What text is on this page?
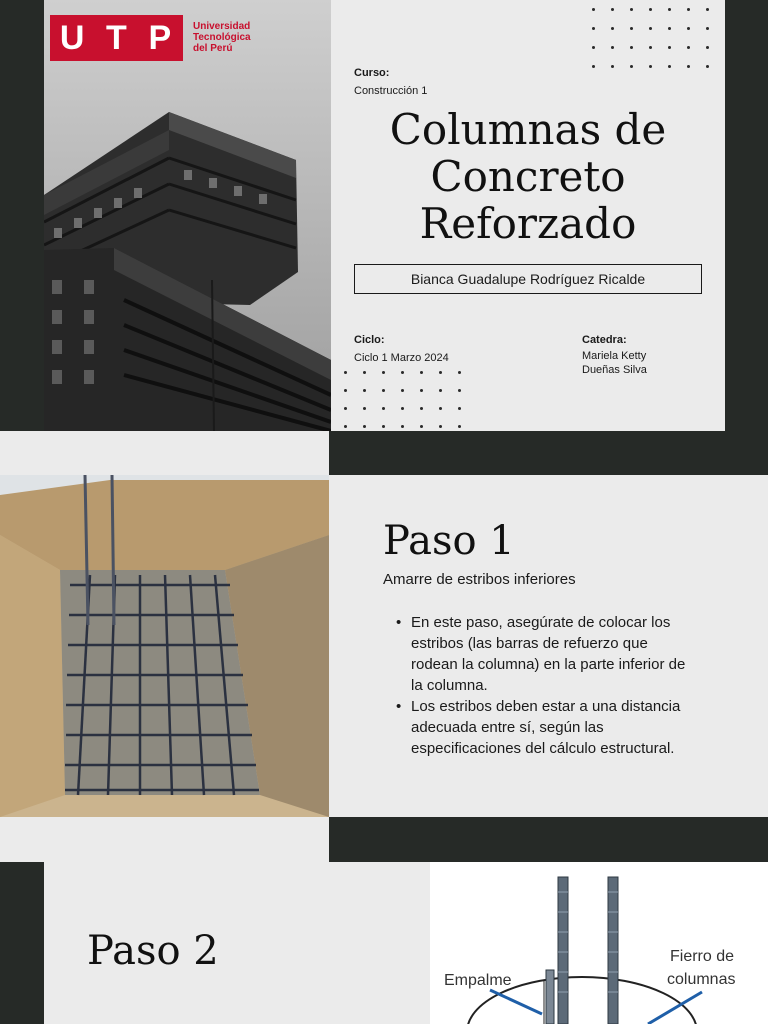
U T P Universidad
Tecnológica
del Perú
Curso:
Construcción 1
Columnas de
Concreto
Reforzado
Bianca Guadalupe Rodríguez Ricalde
Ciclo:
Ciclo 1 Marzo 2024
Catedra:
Mariela Ketty
Dueñas Silva
Paso 1
Amarre de estribos inferiores
• En este paso, asegúrate de colocar los estribos (las barras de refuerzo que rodean la columna) en la parte inferior de la columna.
• Los estribos deben estar a una distancia adecuada entre sí, según las especificaciones del cálculo estructural.
Paso 2
Empalme
Fierro de
columnas
